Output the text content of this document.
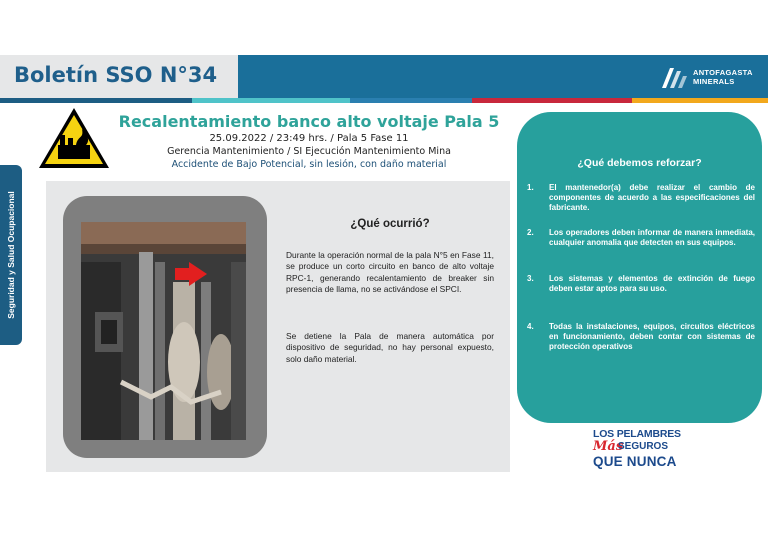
Boletín SSO N°34	ANTOFAGASTA
MINERALS
Seguridad y Salud Ocupacional
Recalentamiento banco alto voltaje Pala 5
25.09.2022 / 23:49 hrs. / Pala 5 Fase 11
Gerencia Mantenimiento / SI Ejecución Mantenimiento Mina
Accidente de Bajo Potencial, sin lesión, con daño material
¿Qué ocurrió?
Durante la operación normal de la pala N°5 en Fase 11, se produce un corto circuito en banco de alto voltaje RPC-1, generando recalentamiento de breaker sin presencia de llama, no se activándose el SPCI.
Se detiene la Pala de manera automática por dispositivo de seguridad, no hay personal expuesto, solo daño material.
¿Qué debemos reforzar?
1.	El mantenedor(a) debe realizar el cambio de componentes de acuerdo a las especificaciones del fabricante.
2.	Los operadores deben informar de manera inmediata, cualquier anomalia que detecten en sus equipos.
3.	Los sistemas y elementos de extinción de fuego deben estar aptos para su uso.
4.	Todas la instalaciones, equipos, circuitos eléctricos en funcionamiento, deben contar con sistemas de protección operativos
LOS PELAMBRES
Más
SEGUROS
QUE NUNCA
